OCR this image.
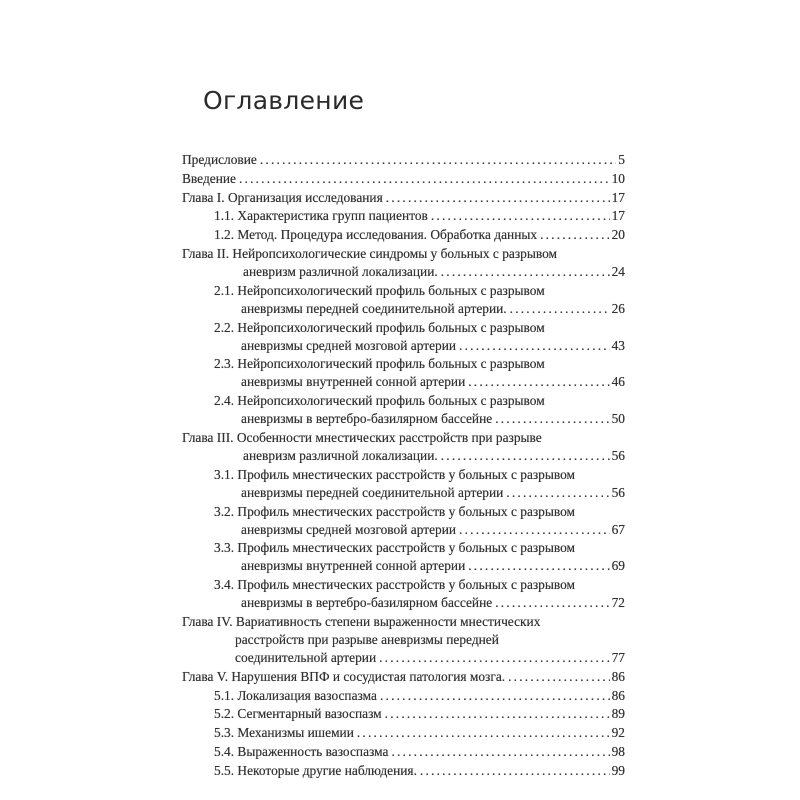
Оглавление
Предисловие .....	5
Введение .....	10
Глава I. Организация исследования .....	17
1.1. Характеристика групп пациентов .....	17
1.2. Метод. Процедура исследования. Обработка данных .....	20
Глава II. Нейропсихологические синдромы у больных с разрывом
аневризм различной локализации. .....	24
2.1. Нейропсихологический профиль больных с разрывом
аневризмы передней соединительной артерии. .....	26
2.2. Нейропсихологический профиль больных с разрывом
аневризмы средней мозговой артерии .....	43
2.3. Нейропсихологический профиль больных с разрывом
аневризмы внутренней сонной артерии .....	46
2.4. Нейропсихологический профиль больных с разрывом
аневризмы в вертебро-базилярном бассейне .....	50
Глава III. Особенности мнестических расстройств при разрыве
аневризм различной локализации. .....	56
3.1. Профиль мнестических расстройств у больных с разрывом
аневризмы передней соединительной артерии .....	56
3.2. Профиль мнестических расстройств у больных с разрывом
аневризмы средней мозговой артерии .....	67
3.3. Профиль мнестических расстройств у больных с разрывом
аневризмы внутренней сонной артерии .....	69
3.4. Профиль мнестических расстройств у больных с разрывом
аневризмы в вертебро-базилярном бассейне .....	72
Глава IV. Вариативность степени выраженности мнестических
расстройств при разрыве аневризмы передней
соединительной артерии .....	77
Глава V. Нарушения ВПФ и сосудистая патология мозга. .....	86
5.1. Локализация вазоспазма .....	86
5.2. Сегментарный вазоспазм .....	89
5.3. Механизмы ишемии .....	92
5.4. Выраженность вазоспазма .....	98
5.5. Некоторые другие наблюдения. .....	99
